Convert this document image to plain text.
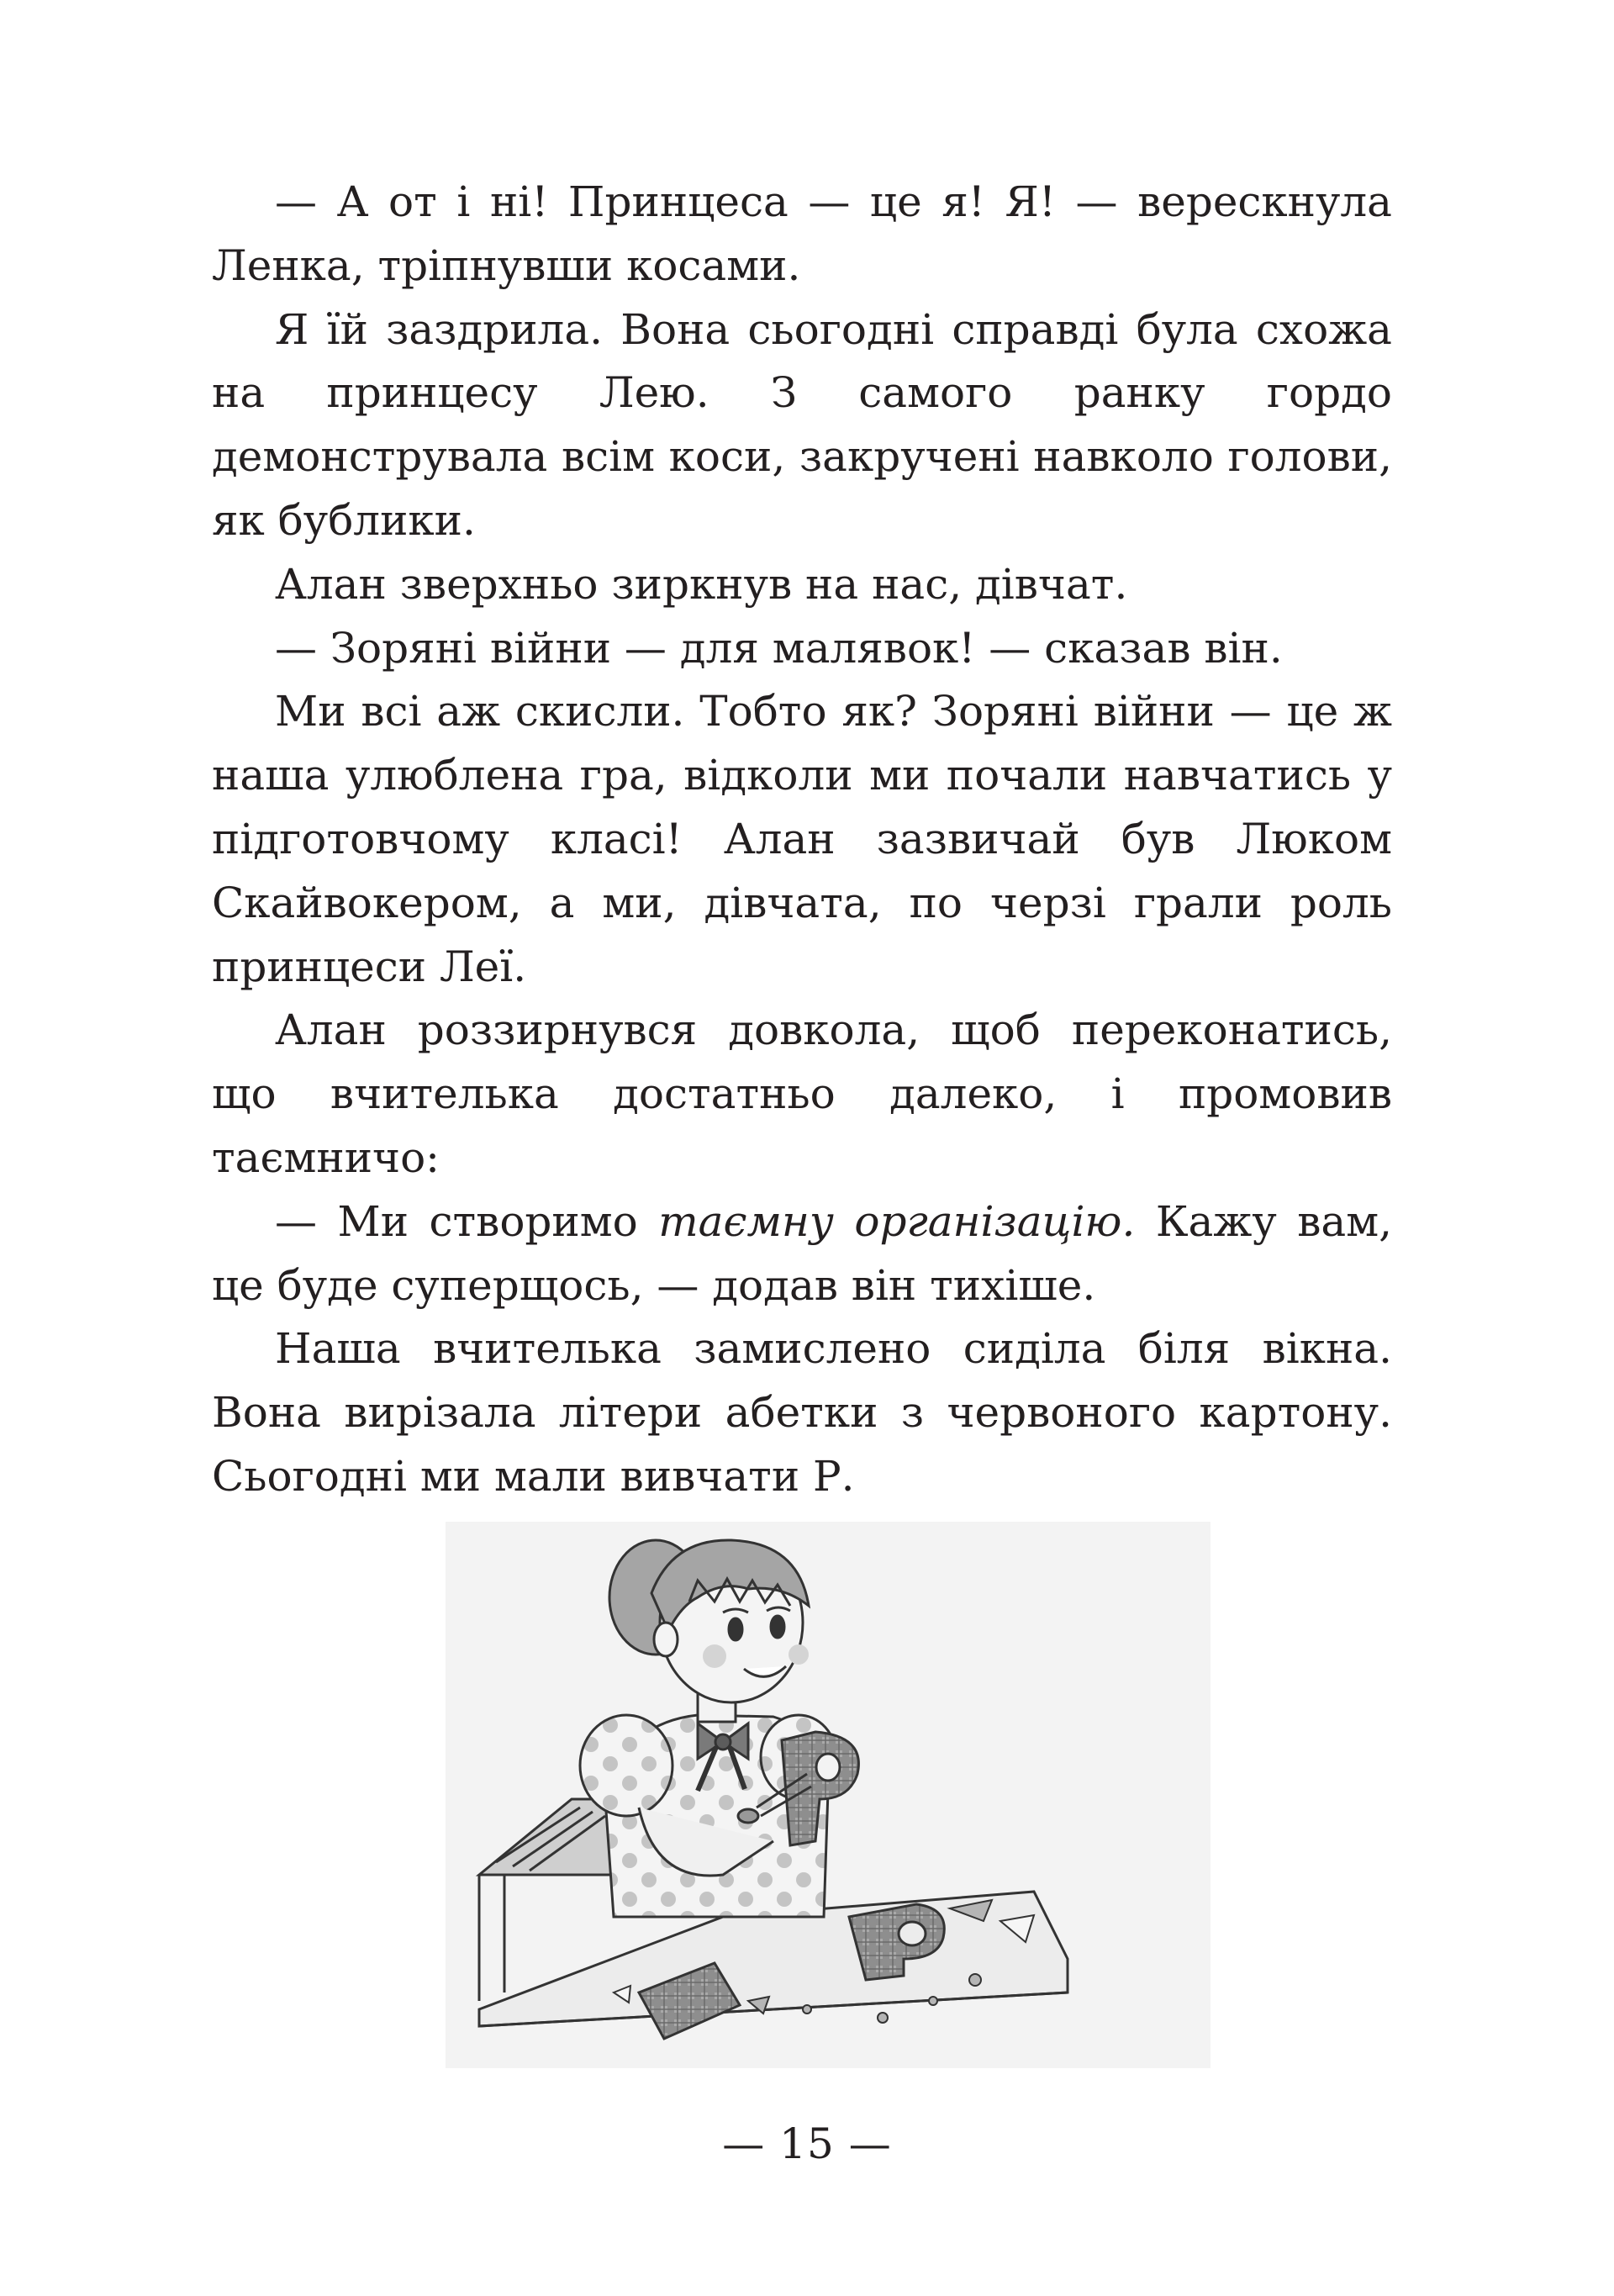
— А от і ні! Принцеса — це я! Я! — верескнула Ленка, тріпнувши косами.

Я їй заздрила. Вона сьогодні справді була схожа на принцесу Лею. З самого ранку гордо демонструвала всім коси, закручені навколо голови, як бублики.

Алан зверхньо зиркнув на нас, дівчат.

— Зоряні війни — для малявок! — сказав він.

Ми всі аж скисли. Тобто як? Зоряні війни — це ж наша улюблена гра, відколи ми почали навчатись у підготовчому класі! Алан зазвичай був Люком Скайвокером, а ми, дівчата, по черзі грали роль принцеси Леї.

Алан роззирнувся довкола, щоб переконатись, що вчителька достатньо далеко, і промовив таємничо:

— Ми створимо таємну організацію. Кажу вам, це буде суперщось, — додав він тихіше.

Наша вчителька замислено сиділа біля вікна. Вона вирізала літери абетки з червоного картону. Сьогодні ми мали вивчати Р.

— 15 —
